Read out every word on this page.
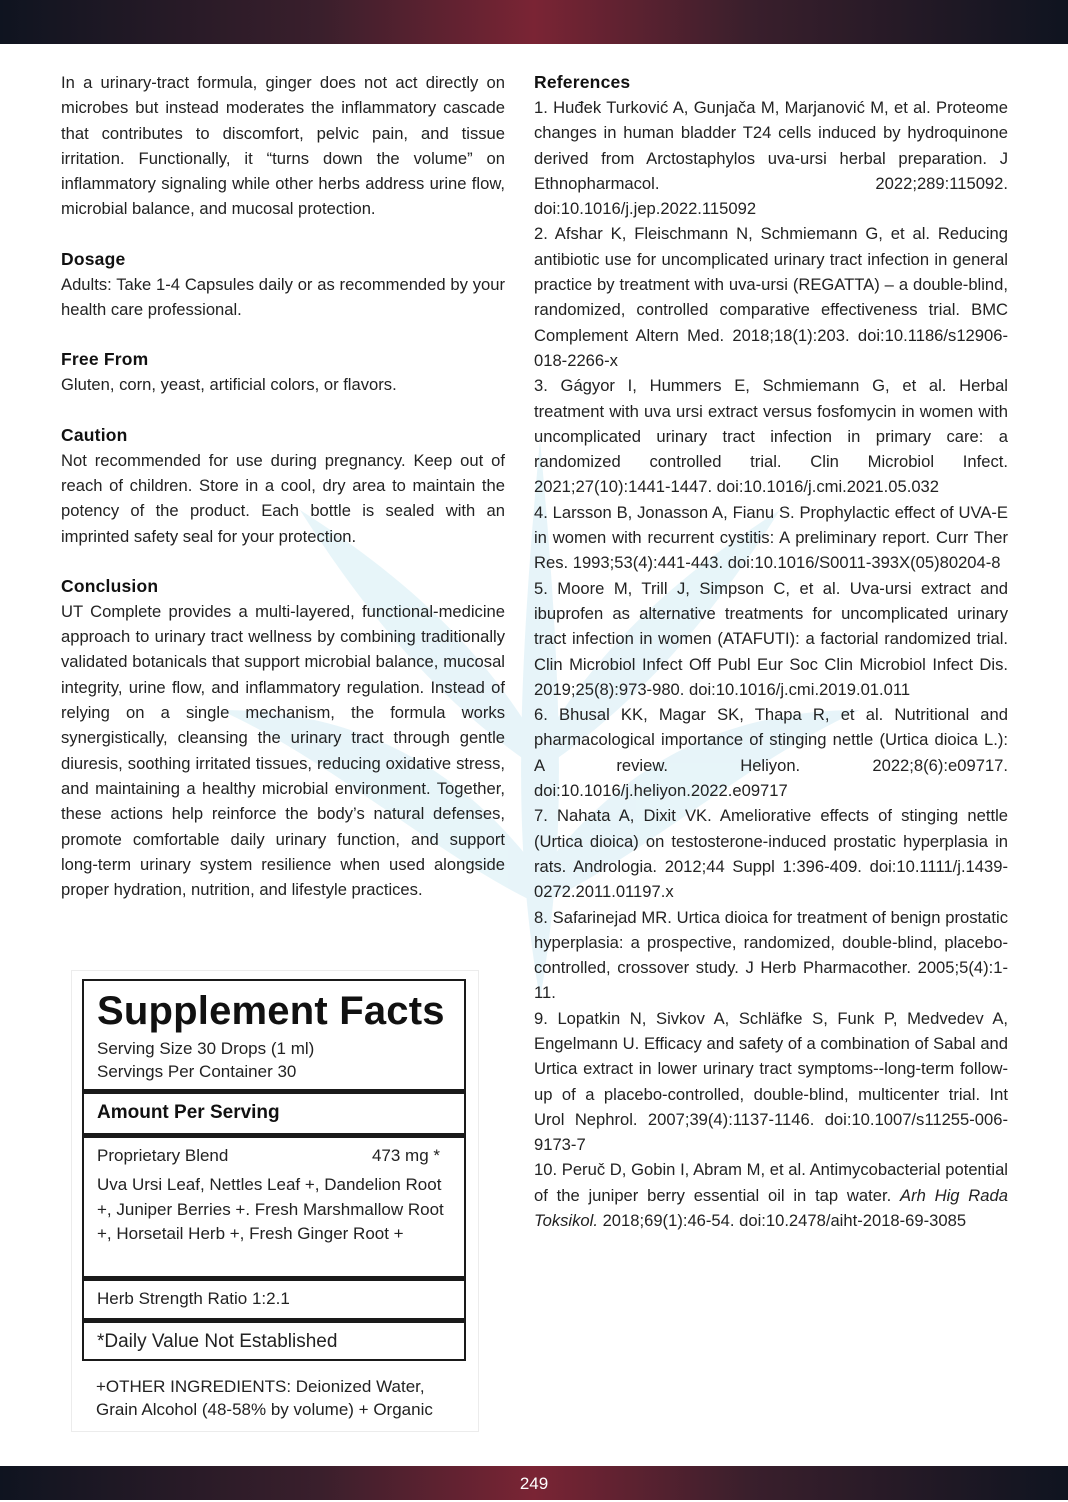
In a urinary-tract formula, ginger does not act directly on microbes but instead moderates the inflammatory cascade that contributes to discomfort, pelvic pain, and tissue irritation. Functionally, it “turns down the volume” on inflammatory signaling while other herbs address urine flow, microbial balance, and mucosal protection.

Dosage

Adults: Take 1-4 Capsules daily or as recommended by your health care professional.

Free From

Gluten, corn, yeast, artificial colors, or flavors.

Caution

Not recommended for use during pregnancy. Keep out of reach of children. Store in a cool, dry area to maintain the potency of the product. Each bottle is sealed with an imprinted safety seal for your protection.

Conclusion

UT Complete provides a multi-layered, functional-medicine approach to urinary tract wellness by combining traditionally validated botanicals that support microbial balance, mucosal integrity, urine flow, and inflammatory regulation. Instead of relying on a single mechanism, the formula works synergistically, cleansing the urinary tract through gentle diuresis, soothing irritated tissues, reducing oxidative stress, and maintaining a healthy microbial environment. Together, these actions help reinforce the body’s natural defenses, promote comfortable daily urinary function, and support long-term urinary system resilience when used alongside proper hydration, nutrition, and lifestyle practices.

Supplement Facts
Serving Size 30 Drops (1 ml)
Servings Per Container 30
Amount Per Serving
Proprietary Blend	473 mg *
Uva Ursi Leaf, Nettles Leaf +, Dandelion Root +, Juniper Berries +. Fresh Marshmallow Root +, Horsetail Herb +, Fresh Ginger Root +
Herb Strength Ratio 1:2.1
*Daily Value Not Established
+OTHER INGREDIENTS: Deionized Water, Grain Alcohol (48-58% by volume) + Organic
References

1. Huđek Turković A, Gunjača M, Marjanović M, et al. Proteome changes in human bladder T24 cells induced by hydroquinone derived from Arctostaphylos uva-ursi herbal preparation. J Ethnopharmacol. 2022;289:115092. doi:10.1016/j.jep.2022.115092

2. Afshar K, Fleischmann N, Schmiemann G, et al. Reducing antibiotic use for uncomplicated urinary tract infection in general practice by treatment with uva-ursi (REGATTA) – a double-blind, randomized, controlled comparative effectiveness trial. BMC Complement Altern Med. 2018;18(1):203. doi:10.1186/s12906-018-2266-x

3. Gágyor I, Hummers E, Schmiemann G, et al. Herbal treatment with uva ursi extract versus fosfomycin in women with uncomplicated urinary tract infection in primary care: a randomized controlled trial. Clin Microbiol Infect. 2021;27(10):1441-1447. doi:10.1016/j.cmi.2021.05.032

4. Larsson B, Jonasson A, Fianu S. Prophylactic effect of UVA-E in women with recurrent cystitis: A preliminary report. Curr Ther Res. 1993;53(4):441-443. doi:10.1016/S0011-393X(05)80204-8

5. Moore M, Trill J, Simpson C, et al. Uva-ursi extract and ibuprofen as alternative treatments for uncomplicated urinary tract infection in women (ATAFUTI): a factorial randomized trial. Clin Microbiol Infect Off Publ Eur Soc Clin Microbiol Infect Dis. 2019;25(8):973-980. doi:10.1016/j.cmi.2019.01.011

6. Bhusal KK, Magar SK, Thapa R, et al. Nutritional and pharmacological importance of stinging nettle (Urtica dioica L.): A review. Heliyon. 2022;8(6):e09717. doi:10.1016/j.heliyon.2022.e09717

7. Nahata A, Dixit VK. Ameliorative effects of stinging nettle (Urtica dioica) on testosterone-induced prostatic hyperplasia in rats. Andrologia. 2012;44 Suppl 1:396-409. doi:10.1111/j.1439-0272.2011.01197.x

8. Safarinejad MR. Urtica dioica for treatment of benign prostatic hyperplasia: a prospective, randomized, double-blind, placebo-controlled, crossover study. J Herb Pharmacother. 2005;5(4):1-11.

9. Lopatkin N, Sivkov A, Schläfke S, Funk P, Medvedev A, Engelmann U. Efficacy and safety of a combination of Sabal and Urtica extract in lower urinary tract symptoms--long-term follow-up of a placebo-controlled, double-blind, multicenter trial. Int Urol Nephrol. 2007;39(4):1137-1146. doi:10.1007/s11255-006-9173-7

10. Peruč D, Gobin I, Abram M, et al. Antimycobacterial potential of the juniper berry essential oil in tap water. Arh Hig Rada Toksikol. 2018;69(1):46-54. doi:10.2478/aiht-2018-69-3085

249
